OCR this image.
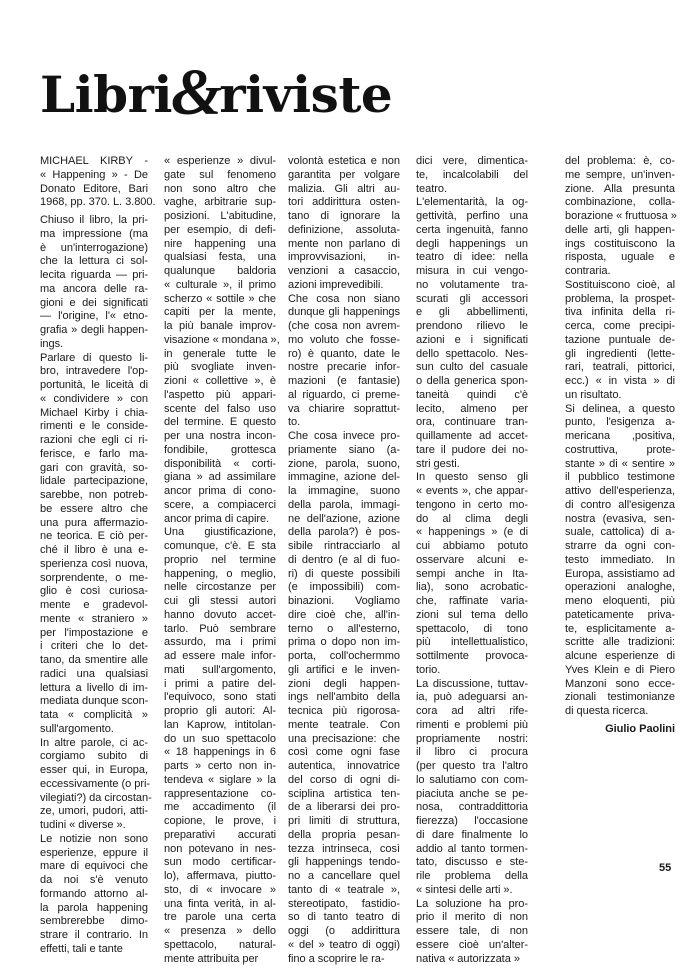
Libri &
riviste
MICHAEL KIRBY -
« Happening » - De
Donato Editore, Bari
1968, pp. 370. L. 3.800.
Chiuso il libro, la pri-
ma impressione (ma
è un'interrogazione)
che la lettura ci sol-
lecita riguarda — pri-
ma ancora delle ra-
gioni e dei significati
— l'origine, l'« etno-
grafia » degli happen-
ings.
Parlare di questo li-
bro, intravedere l'op-
portunità, le liceità di
« condividere » con
Michael Kirby i chia-
rimenti e le conside-
razioni che egli ci ri-
ferisce, e farlo ma-
gari con gravità, so-
lidale partecipazione,
sarebbe, non potreb-
be essere altro che
una pura affermazio-
ne teorica. E ciò per-
ché il libro è una e-
sperienza così nuova,
sorprendente, o me-
glio è così curiosa-
mente e gradevol-
mente « straniero »
per l'impostazione e
i criteri che lo det-
tano, da smentire alle
radici una qualsiasi
lettura a livello di im-
mediata dunque scon-
tata « complicità »
sull'argomento.
In altre parole, ci ac-
corgiamo subito di
esser qui, in Europa,
eccessivamente (o pri-
vilegiati?) da circostan-
ze, umori, pudori, atti-
tudini « diverse ».
Le notizie non sono
esperienze, eppure il
mare di equivoci che
da noi s'è venuto
formando attorno al-
la parola happening
sembrerebbe dimo-
strare il contrario. In
effetti, tali e tante
« esperienze » divul-
gate sul fenomeno
non sono altro che
vaghe, arbitrarie sup-
posizioni. L'abitudine,
per esempio, di defi-
nire happening una
qualsiasi festa, una
qualunque baldoria
« culturale », il primo
scherzo « sottile » che
capiti per la mente,
la più banale improv-
visazione « mondana »,
in generale tutte le
più svogliate inven-
zioni « collettive », è
l'aspetto più appari-
scente del falso uso
del termine. E questo
per una nostra incon-
fondibile, grottesca
disponibilità « corti-
giana » ad assimilare
ancor prima di cono-
scere, a compiacerci
ancor prima di capire.
Una giustificazione,
comunque, c'è. E sta
proprio nel termine
happening, o meglio,
nelle circostanze per
cui gli stessi autori
hanno dovuto accet-
tarlo. Può sembrare
assurdo, ma i primi
ad essere male infor-
mati sull'argomento,
i primi a patire del-
l'equivoco, sono stati
proprio gli autori: Al-
lan Kaprow, intitolan-
do un suo spettacolo
« 18 happenings in 6
parts » certo non in-
tendeva « siglare » la
rappresentazione co-
me accadimento (il
copione, le prove, i
preparativi accurati
non potevano in nes-
sun modo certificar-
lo), affermava, piutto-
sto, di « invocare »
una finta verità, in al-
tre parole una certa
« presenza » dello
spettacolo, natural-
mente attribuita per
volontà estetica e non
garantita per volgare
malizia. Gli altri au-
tori addirittura osten-
tano di ignorare la
definizione, assoluta-
mente non parlano di
improvvisazioni, in-
venzioni a casaccio,
azioni imprevedibili.
Che cosa non siano
dunque gli happenings
(che cosa non avrem-
mo voluto che fosse-
ro) è quanto, date le
nostre precarie infor-
mazioni (e fantasie)
al riguardo, ci preme-
va chiarire soprattut-
to.
Che cosa invece pro-
priamente siano (a-
zione, parola, suono,
immagine, azione del-
la immagine, suono
della parola, immagi-
ne dell'azione, azione
della parola?) è pos-
sibile rintracciarlo al
di dentro (e al di fuo-
ri) di queste possibili
(e impossibili) com-
binazioni. Vogliamo
dire cioè che, all'in-
terno o all'esterno,
prima o dopo non im-
porta, coll'ochermmo
gli artifici e le inven-
zioni degli happen-
ings nell'ambito della
tecnica più rigorosa-
mente teatrale. Con
una precisazione: che
così come ogni fase
autentica, innovatrice
del corso di ogni di-
sciplina artistica ten-
de a liberarsi dei pro-
pri limiti di struttura,
della propria pesan-
tezza intrinseca, così
gli happenings tendo-
no a cancellare quel
tanto di « teatrale »,
stereotipato, fastidio-
so di tanto teatro di
oggi (o addirittura
« del » teatro di oggi)
fino a scoprire le ra-
dici vere, dimentica-
te, incalcolabili del
teatro.
L'elementarità, la og-
gettività, perfino una
certa ingenuità, fanno
degli happenings un
teatro di idee: nella
misura in cui vengo-
no volutamente tra-
scurati gli accessori
e gli abbellimenti,
prendono rilievo le
azioni e i significati
dello spettacolo. Nes-
sun culto del casuale
o della generica spon-
taneità quindi c'è
lecito, almeno per
ora, continuare tran-
quillamente ad accet-
tare il pudore dei no-
stri gesti.
In questo senso gli
« events », che appar-
tengono in certo mo-
do al clima degli
« happenings » (e di
cui abbiamo potuto
osservare alcuni e-
sempi anche in Ita-
lia), sono acrobatic-
che, raffinate varia-
zioni sul tema dello
spettacolo, di tono
più intellettualistico,
sottilmente provoca-
torio.
La discussione, tuttav-
ia, può adeguarsi an-
cora ad altri rife-
rimenti e problemi più
propriamente nostri:
il libro ci procura
(per questo tra l'altro
lo salutiamo con com-
piaciuta anche se pe-
nosa, contraddittoria
fierezza) l'occasione
di dare finalmente lo
addio al tanto tormen-
tato, discusso e ste-
rile problema della
« sintesi delle arti ».
La soluzione ha pro-
prio il merito di non
essere tale, di non
essere cioè un'alter-
nativa « autorizzata »
del problema: è, co-
me sempre, un'inven-
zione. Alla presunta
combinazione, colla-
borazione « fruttuosa »
delle arti, gli happen-
ings costituiscono la
risposta, uguale e
contraria.
Sostituiscono cioè, al
problema, la prospet-
tiva infinita della ri-
cerca, come precipi-
tazione puntuale de-
gli ingredienti (lette-
rari, teatrali, pittorici,
ecc.) « in vista » di
un risultato.
Si delinea, a questo
punto, l'esigenza a-
mericana ,positiva,
costruttiva, prote-
stante » di « sentire »
il pubblico testimone
attivo dell'esperienza,
di contro all'esigenza
nostra (evasiva, sen-
suale, cattolica) di a-
strarre da ogni con-
testo immediato. In
Europa, assistiamo ad
operazioni analoghe,
meno eloquenti, più
pateticamente priva-
te, esplicitamente a-
scritte alle tradizioni:
alcune esperienze di
Yves Klein e di Piero
Manzoni sono ecce-
zionali testimonianze
di questa ricerca.
Giulio Paolini
55
